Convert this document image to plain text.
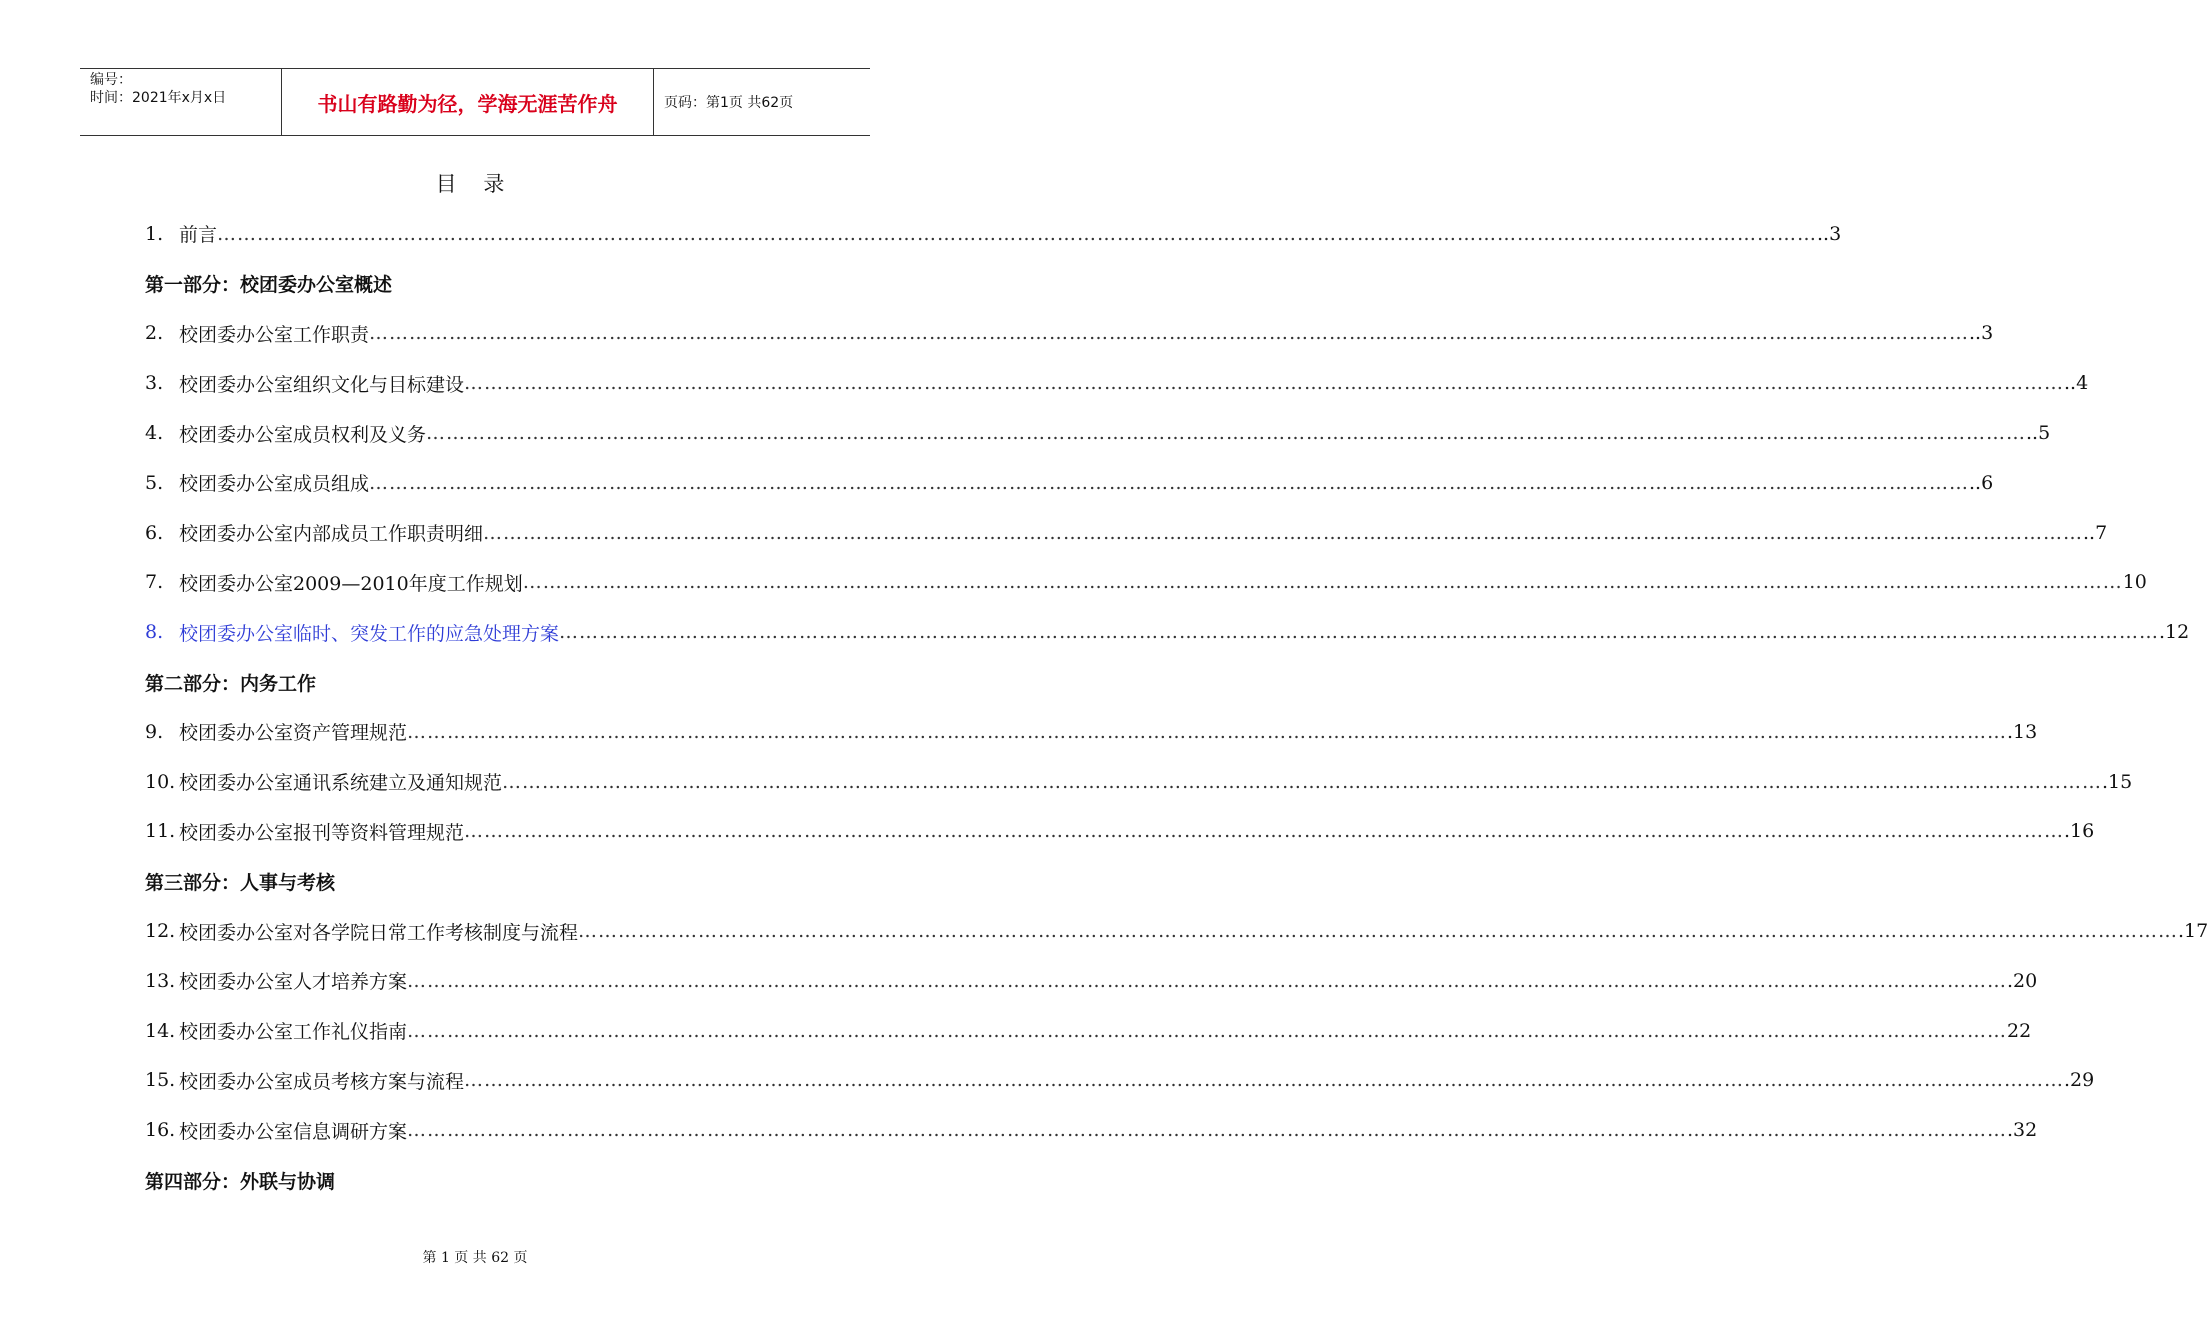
编号：
时间：2021年x月x日	书山有路勤为径，学海无涯苦作舟	页码：第1页 共62页
目 录
1. 前言 …………………………………………………………………………………………………………………………………………………………………………………………………………………… ..3
第一部分：校团委办公室概述
2. 校团委办公室工作职责 …………………………………………………………………………………………………………………………………………………………………………………………………………………… ..3
3. 校团委办公室组织文化与目标建设 …………………………………………………………………………………………………………………………………………………………………………………………………………………… ..4
4. 校团委办公室成员权利及义务 …………………………………………………………………………………………………………………………………………………………………………………………………………………… ..5
5. 校团委办公室成员组成 …………………………………………………………………………………………………………………………………………………………………………………………………………………… ..6
6. 校团委办公室内部成员工作职责明细 …………………………………………………………………………………………………………………………………………………………………………………………………………………… ..7
7. 校团委办公室2009—2010年度工作规划 …………………………………………………………………………………………………………………………………………………………………………………………………………………… 10
8. 校团委办公室临时、突发工作的应急处理方案 …………………………………………………………………………………………………………………………………………………………………………………………………………………… .12
第二部分：内务工作
9. 校团委办公室资产管理规范 …………………………………………………………………………………………………………………………………………………………………………………………………………………… .13
10. 校团委办公室通讯系统建立及通知规范 …………………………………………………………………………………………………………………………………………………………………………………………………………………… .15
11. 校团委办公室报刊等资料管理规范 …………………………………………………………………………………………………………………………………………………………………………………………………………………… .16
第三部分：人事与考核
12. 校团委办公室对各学院日常工作考核制度与流程 …………………………………………………………………………………………………………………………………………………………………………………………………………………… .17
13. 校团委办公室人才培养方案 …………………………………………………………………………………………………………………………………………………………………………………………………………………… .20
14. 校团委办公室工作礼仪指南 …………………………………………………………………………………………………………………………………………………………………………………………………………………… 22
15. 校团委办公室成员考核方案与流程 …………………………………………………………………………………………………………………………………………………………………………………………………………………… .29
16. 校团委办公室信息调研方案 …………………………………………………………………………………………………………………………………………………………………………………………………………………… .32
第四部分：外联与协调
第 1 页 共 62 页
